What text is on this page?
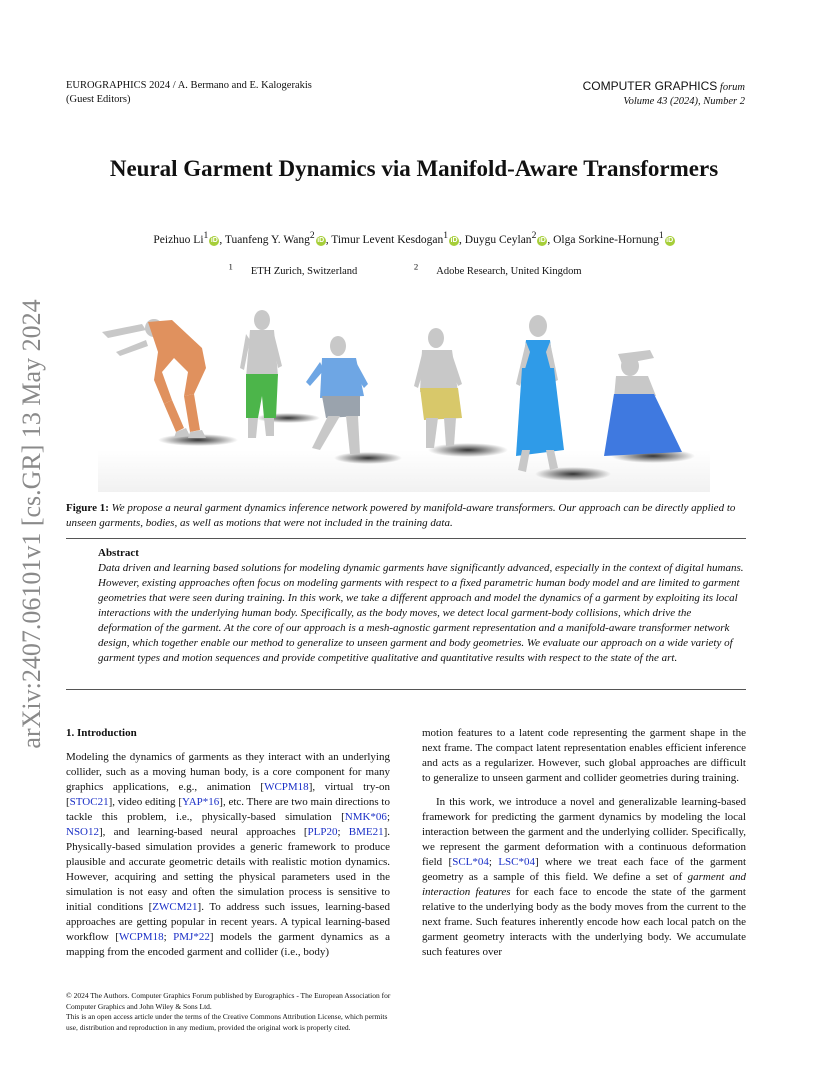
EUROGRAPHICS 2024 / A. Bermano and E. Kalogerakis
(Guest Editors)
COMPUTER GRAPHICS forum
Volume 43 (2024), Number 2
Neural Garment Dynamics via Manifold-Aware Transformers
Peizhuo Li$^1$ iD , Tuanfeng Y. Wang$^2$ iD , Timur Levent Kesdogan$^1$ iD , Duygu Ceylan$^2$ iD , Olga Sorkine-Hornung$^1$ iD
$^1$ ETH Zurich, Switzerland	$^2$ Adobe Research, United Kingdom
arXiv:2407.06101v1 [cs.GR] 13 May 2024	Figure 1: We propose a neural garment dynamics inference network powered by manifold-aware transformers. Our approach can be directly applied to unseen garments, bodies, as well as motions that were not included in the training data.
Abstract
Data driven and learning based solutions for modeling dynamic garments have significantly advanced, especially in the context of digital humans. However, existing approaches often focus on modeling garments with respect to a fixed parametric human body model and are limited to garment geometries that were seen during training. In this work, we take a different approach and model the dynamics of a garment by exploiting its local interactions with the underlying human body. Specifically, as the body moves, we detect local garment-body collisions, which drive the deformation of the garment. At the core of our approach is a mesh-agnostic garment representation and a manifold-aware transformer network design, which together enable our method to generalize to unseen garment and body geometries. We evaluate our approach on a wide variety of garment types and motion sequences and provide competitive qualitative and quantitative results with respect to the state of the art.
1. Introduction

Modeling the dynamics of garments as they interact with an underlying collider, such as a moving human body, is a core component for many graphics applications, e.g., animation [WCPM18], virtual try-on [STOC21], video editing [YAP*16], etc. There are two main directions to tackle this problem, i.e., physically-based simulation [NMK*06; NSO12], and learning-based neural approaches [PLP20; BME21]. Physically-based simulation provides a generic framework to produce plausible and accurate geometric details with realistic motion dynamics. However, acquiring and setting the physical parameters used in the simulation is not easy and often the simulation process is sensitive to initial conditions [ZWCM21]. To address such issues, learning-based approaches are getting popular in recent years. A typical learning-based workflow [WCPM18; PMJ*22] models the garment dynamics as a mapping from the encoded garment and collider (i.e., body)

motion features to a latent code representing the garment shape in the next frame. The compact latent representation enables efficient inference and acts as a regularizer. However, such global approaches are difficult to generalize to unseen garment and collider geometries during training.

In this work, we introduce a novel and generalizable learning-based framework for predicting the garment dynamics by modeling the local interaction between the garment and the underlying collider. Specifically, we represent the garment deformation with a continuous deformation field [SCL*04; LSC*04] where we treat each face of the garment geometry as a sample of this field. We define a set of garment and interaction features for each face to encode the state of the garment relative to the underlying body as the body moves from the current to the next frame. Such features inherently encode how each local patch on the garment geometry interacts with the underlying body. We accumulate such features over

© 2024 The Authors. Computer Graphics Forum published by Eurographics - The European Association for Computer Graphics and John Wiley & Sons Ltd.
This is an open access article under the terms of the Creative Commons Attribution License, which permits use, distribution and reproduction in any medium, provided the original work is properly cited.
